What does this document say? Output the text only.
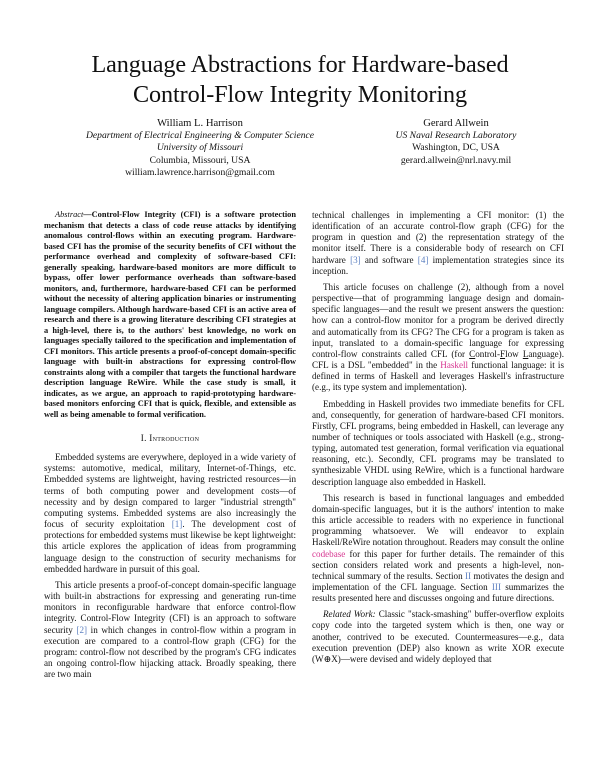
Language Abstractions for Hardware-based
Control-Flow Integrity Monitoring
William L. Harrison
Department of Electrical Engineering & Computer Science
University of Missouri
Columbia, Missouri, USA
william.lawrence.harrison@gmail.com
Gerard Allwein
US Naval Research Laboratory
Washington, DC, USA
gerard.allwein@nrl.navy.mil

Abstract—Control-Flow Integrity (CFI) is a software protection mechanism that detects a class of code reuse attacks by identifying anomalous control-flows within an executing program. Hardware-based CFI has the promise of the security benefits of CFI without the performance overhead and complexity of software-based CFI: generally speaking, hardware-based monitors are more difficult to bypass, offer lower performance overheads than software-based monitors, and, furthermore, hardware-based CFI can be performed without the necessity of altering application binaries or instrumenting language compilers. Although hardware-based CFI is an active area of research and there is a growing literature describing CFI strategies at a high-level, there is, to the authors' best knowledge, no work on languages specially tailored to the specification and implementation of CFI monitors. This article presents a proof-of-concept domain-specific language with built-in abstractions for expressing control-flow constraints along with a compiler that targets the functional hardware description language ReWire. While the case study is small, it indicates, as we argue, an approach to rapid-prototyping hardware-based monitors enforcing CFI that is quick, flexible, and extensible as well as being amenable to formal verification.

I. Introduction

Embedded systems are everywhere, deployed in a wide variety of systems: automotive, medical, military, Internet-of-Things, etc. Embedded systems are lightweight, having restricted resources—in terms of both computing power and development costs—of necessity and by design compared to larger "industrial strength" computing systems. Embedded systems are also increasingly the focus of security exploitation [1]. The development cost of protections for embedded systems must likewise be kept lightweight: this article explores the application of ideas from programming language design to the construction of security mechanisms for embedded hardware in pursuit of this goal.

This article presents a proof-of-concept domain-specific language with built-in abstractions for expressing and generating run-time monitors in reconfigurable hardware that enforce control-flow integrity. Control-Flow Integrity (CFI) is an approach to software security [2] in which changes in control-flow within a program in execution are compared to a control-flow graph (CFG) for the program: control-flow not described by the program's CFG indicates an ongoing control-flow hijacking attack. Broadly speaking, there are two main

technical challenges in implementing a CFI monitor: (1) the identification of an accurate control-flow graph (CFG) for the program in question and (2) the representation strategy of the monitor itself. There is a considerable body of research on CFI hardware [3] and software [4] implementation strategies since its inception.

This article focuses on challenge (2), although from a novel perspective—that of programming language design and domain-specific languages—and the result we present answers the question: how can a control-flow monitor for a program be derived directly and automatically from its CFG? The CFG for a program is taken as input, translated to a domain-specific language for expressing control-flow constraints called CFL (for Control-Flow Language). CFL is a DSL "embedded" in the Haskell functional language: it is defined in terms of Haskell and leverages Haskell's infrastructure (e.g., its type system and implementation).

Embedding in Haskell provides two immediate benefits for CFL and, consequently, for generation of hardware-based CFI monitors. Firstly, CFL programs, being embedded in Haskell, can leverage any number of techniques or tools associated with Haskell (e.g., strong-typing, automated test generation, formal verification via equational reasoning, etc.). Secondly, CFL programs may be translated to synthesizable VHDL using ReWire, which is a functional hardware description language also embedded in Haskell.

This research is based in functional languages and embedded domain-specific languages, but it is the authors' intention to make this article accessible to readers with no experience in functional programming whatsoever. We will endeavor to explain Haskell/ReWire notation throughout. Readers may consult the online codebase for this paper for further details. The remainder of this section considers related work and presents a high-level, non-technical summary of the results. Section II motivates the design and implementation of the CFL language. Section III summarizes the results presented here and discusses ongoing and future directions.

Related Work: Classic "stack-smashing" buffer-overflow exploits copy code into the targeted system which is then, one way or another, contrived to be executed. Countermeasures—e.g., data execution prevention (DEP) also known as write XOR execute (W⊕X)—were devised and widely deployed that
